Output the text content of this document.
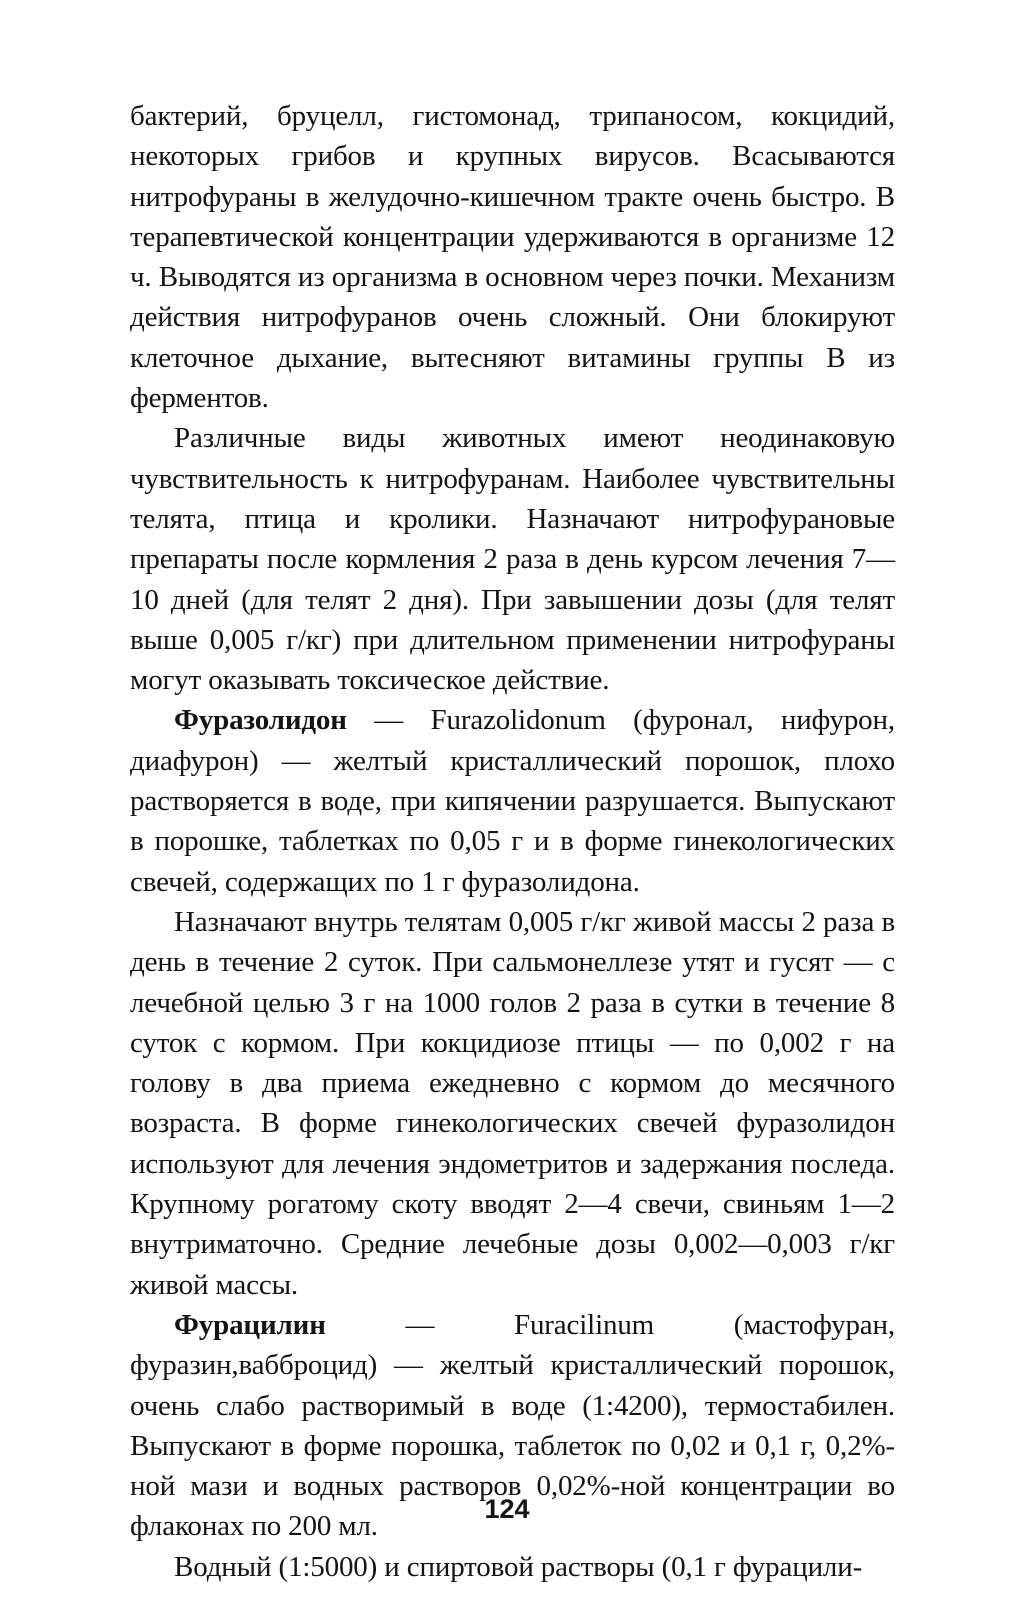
бактерий, бруцелл, гистомонад, трипаносом, кокцидий, некоторых грибов и крупных вирусов. Всасываются нитрофураны в желудочно-кишечном тракте очень быстро. В терапевтической концентрации удерживаются в организме 12 ч. Выводятся из организма в основном через почки. Механизм действия нитрофуранов очень сложный. Они блокируют клеточное дыхание, вытесняют витамины группы В из ферментов.

Различные виды животных имеют неодинаковую чувствительность к нитрофуранам. Наиболее чувствительны телята, птица и кролики. Назначают нитрофурановые препараты после кормления 2 раза в день курсом лечения 7—10 дней (для телят 2 дня). При завышении дозы (для телят выше 0,005 г/кг) при длительном применении нитрофураны могут оказывать токсическое действие.

Фуразолидон — Furazolidonum (фуронал, нифурон, диафурон) — желтый кристаллический порошок, плохо растворяется в воде, при кипячении разрушается. Выпускают в порошке, таблетках по 0,05 г и в форме гинекологических свечей, содержащих по 1 г фуразолидона.

Назначают внутрь телятам 0,005 г/кг живой массы 2 раза в день в течение 2 суток. При сальмонеллезе утят и гусят — с лечебной целью 3 г на 1000 голов 2 раза в сутки в течение 8 суток с кормом. При кокцидиозе птицы — по 0,002 г на голову в два приема ежедневно с кормом до месячного возраста. В форме гинекологических свечей фуразолидон используют для лечения эндометритов и задержания последа. Крупному рогатому скоту вводят 2—4 свечи, свиньям 1—2 внутриматочно. Средние лечебные дозы 0,002—0,003 г/кг живой массы.

Фурацилин — Furacilinum (мастофуран, фуразин,вабброцид) — желтый кристаллический порошок, очень слабо растворимый в воде (1:4200), термостабилен. Выпускают в форме порошка, таблеток по 0,02 и 0,1 г, 0,2%-ной мази и водных растворов 0,02%-ной концентрации во флаконах по 200 мл.

Водный (1:5000) и спиртовой растворы (0,1 г фурацили-

124
